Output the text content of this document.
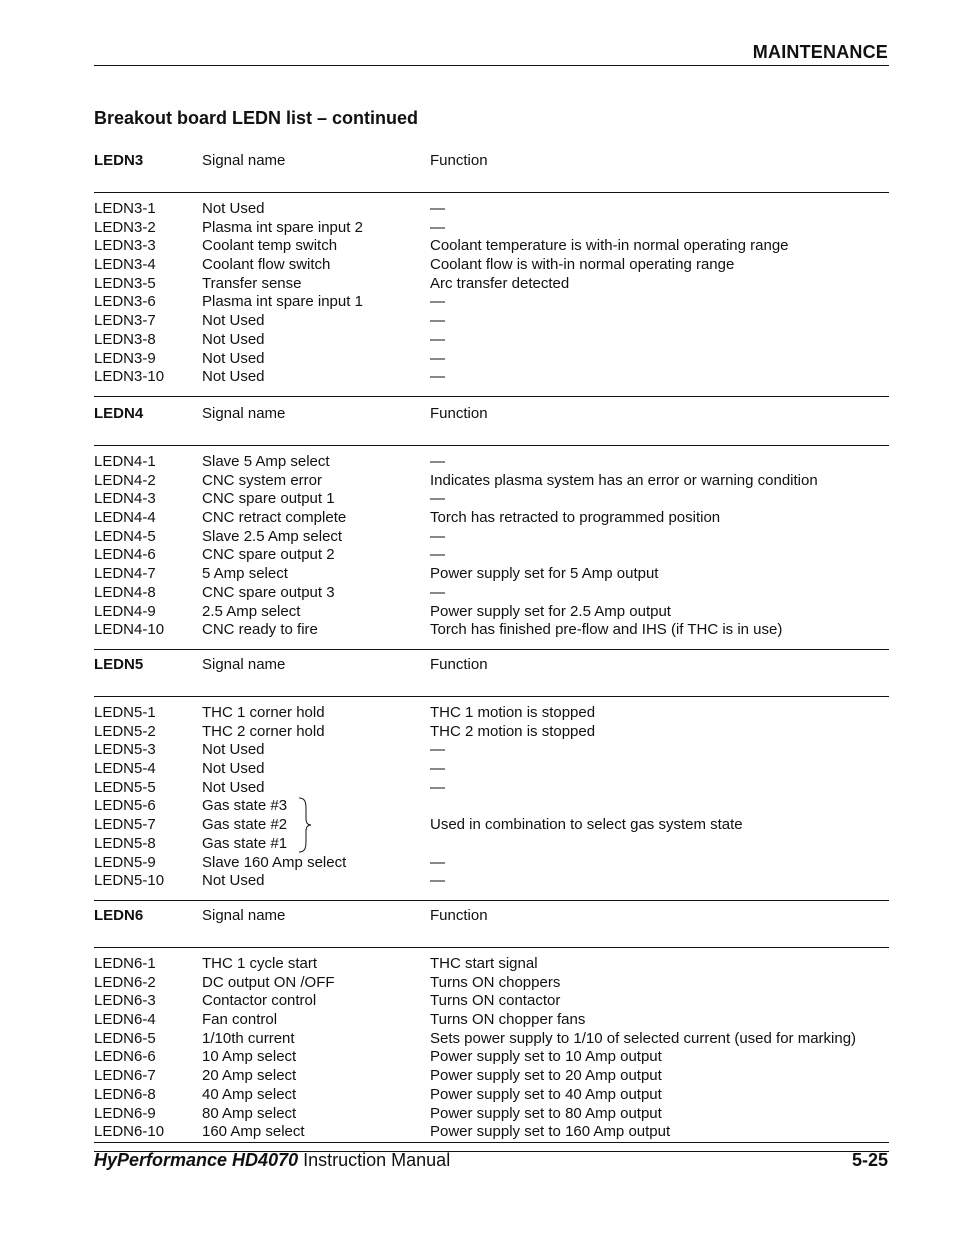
MAINTENANCE
Breakout board LEDN list – continued
LEDN3	Signal name	Function
LEDN3-1	Not Used	—
LEDN3-2	Plasma int spare input 2	—
LEDN3-3	Coolant temp switch	Coolant temperature is with-in normal operating range
LEDN3-4	Coolant flow switch	Coolant flow is with-in normal operating range
LEDN3-5	Transfer sense	Arc transfer detected
LEDN3-6	Plasma int spare input 1	—
LEDN3-7	Not Used	—
LEDN3-8	Not Used	—
LEDN3-9	Not Used	—
LEDN3-10	Not Used	—
LEDN4	Signal name	Function
LEDN4-1	Slave 5 Amp select	—
LEDN4-2	CNC system error	Indicates plasma system has an error or warning condition
LEDN4-3	CNC spare output 1	—
LEDN4-4	CNC retract complete	Torch has retracted to programmed position
LEDN4-5	Slave 2.5 Amp select	—
LEDN4-6	CNC spare output 2	—
LEDN4-7	5 Amp select	Power supply set for 5 Amp output
LEDN4-8	CNC spare output 3	—
LEDN4-9	2.5 Amp select	Power supply set for 2.5 Amp output
LEDN4-10	CNC ready to fire	Torch has finished pre-flow and IHS (if THC is in use)
LEDN5	Signal name	Function
LEDN5-1	THC 1 corner hold	THC 1 motion is stopped
LEDN5-2	THC 2 corner hold	THC 2 motion is stopped
LEDN5-3	Not Used	—
LEDN5-4	Not Used	—
LEDN5-5	Not Used	—
LEDN5-6	Gas state #3
LEDN5-7	Gas state #2	Used in combination to select gas system state
LEDN5-8	Gas state #1
LEDN5-9	Slave 160 Amp select	—
LEDN5-10	Not Used	—
LEDN6	Signal name	Function
LEDN6-1	THC 1 cycle start	THC start signal
LEDN6-2	DC output ON /OFF	Turns ON choppers
LEDN6-3	Contactor control	Turns ON contactor
LEDN6-4	Fan control	Turns ON chopper fans
LEDN6-5	1/10th current	Sets power supply to 1/10 of selected current (used for marking)
LEDN6-6	10 Amp select	Power supply set to 10 Amp output
LEDN6-7	20 Amp select	Power supply set to 20 Amp output
LEDN6-8	40 Amp select	Power supply set to 40 Amp output
LEDN6-9	80 Amp select	Power supply set to 80 Amp output
LEDN6-10	160 Amp select	Power supply set to 160 Amp output
HyPerformance HD4070 Instruction Manual	5-25
